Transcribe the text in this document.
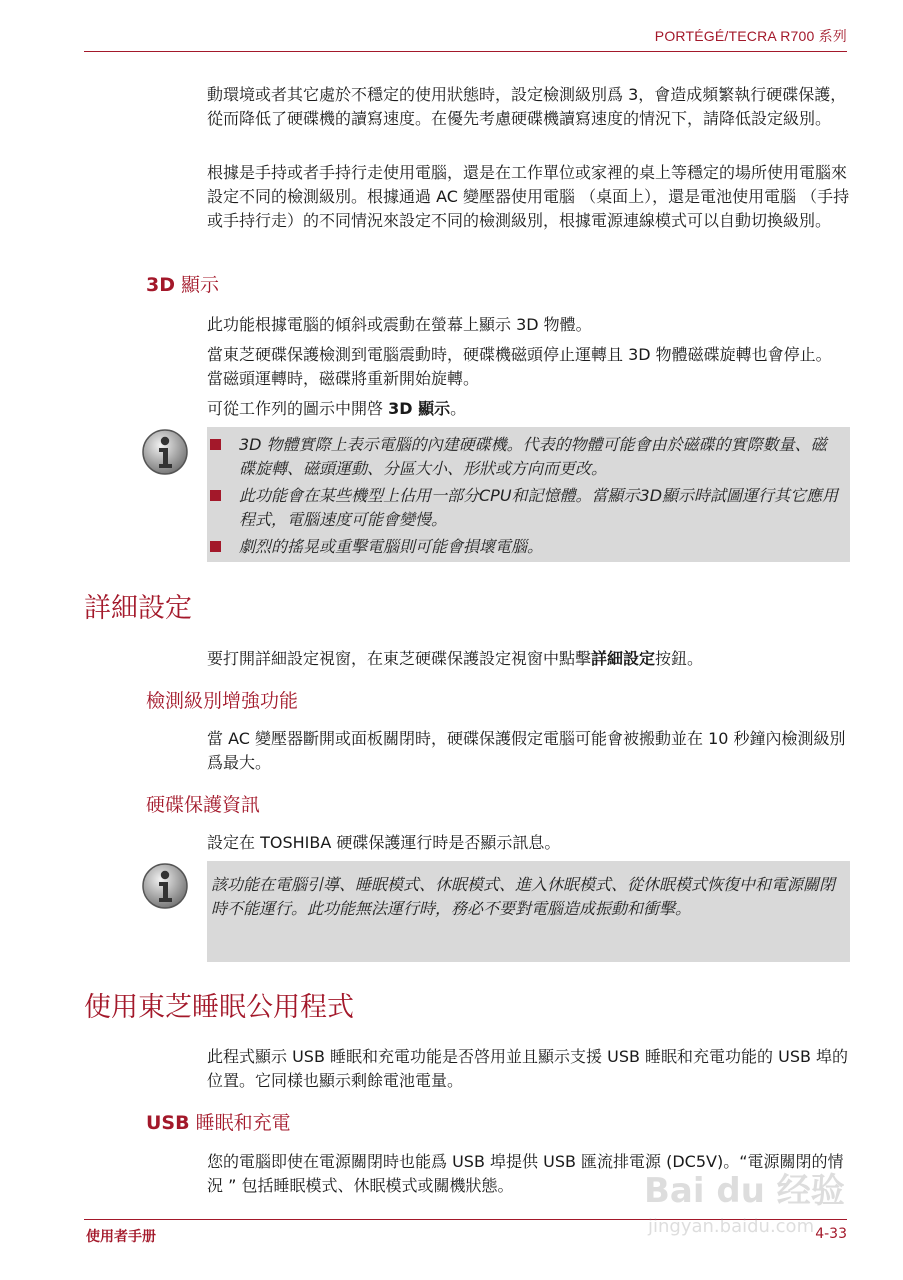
PORTÉGÉ/TECRA R700 系列

動環境或者其它處於不穩定的使用狀態時，設定檢測級別爲 3，會造成頻繁執行硬碟保護，從而降低了硬碟機的讀寫速度。在優先考慮硬碟機讀寫速度的情況下，請降低設定級別。

根據是手持或者手持行走使用電腦，還是在工作單位或家裡的桌上等穩定的場所使用電腦來設定不同的檢測級別。根據通過 AC 變壓器使用電腦 （桌面上），還是電池使用電腦 （手持或手持行走）的不同情況來設定不同的檢測級別，根據電源連線模式可以自動切換級別。

3D 顯示

此功能根據電腦的傾斜或震動在螢幕上顯示 3D 物體。

當東芝硬碟保護檢測到電腦震動時，硬碟機磁頭停止運轉且 3D 物體磁碟旋轉也會停止。 當磁頭運轉時，磁碟將重新開始旋轉。

可從工作列的圖示中開啓 3D 顯示。

3D 物體實際上表示電腦的內建硬碟機。代表的物體可能會由於磁碟的實際數量、磁碟旋轉、磁頭運動、分區大小、形狀或方向而更改。
此功能會在某些機型上佔用一部分CPU和記憶體。當顯示3D顯示時試圖運行其它應用程式，電腦速度可能會變慢。
劇烈的搖晃或重擊電腦則可能會損壞電腦。
詳細設定

要打開詳細設定視窗，在東芝硬碟保護設定視窗中點擊詳細設定按鈕。

檢測級別增強功能

當 AC 變壓器斷開或面板關閉時，硬碟保護假定電腦可能會被搬動並在 10 秒鐘內檢測級別爲最大。

硬碟保護資訊

設定在 TOSHIBA 硬碟保護運行時是否顯示訊息。

該功能在電腦引導、睡眠模式、休眠模式、進入休眠模式、從休眠模式恢復中和電源關閉時不能運行。此功能無法運行時，務必不要對電腦造成振動和衝擊。

使用東芝睡眠公用程式

此程式顯示 USB 睡眠和充電功能是否啓用並且顯示支援 USB 睡眠和充電功能的 USB 埠的位置。它同樣也顯示剩餘電池電量。

USB 睡眠和充電

您的電腦即使在電源關閉時也能爲 USB 埠提供 USB 匯流排電源 (DC5V)。“電源關閉的情況 ” 包括睡眠模式、休眠模式或關機狀態。

使用者手册	4-33
Bai du 经验
jingyan.baidu.com
